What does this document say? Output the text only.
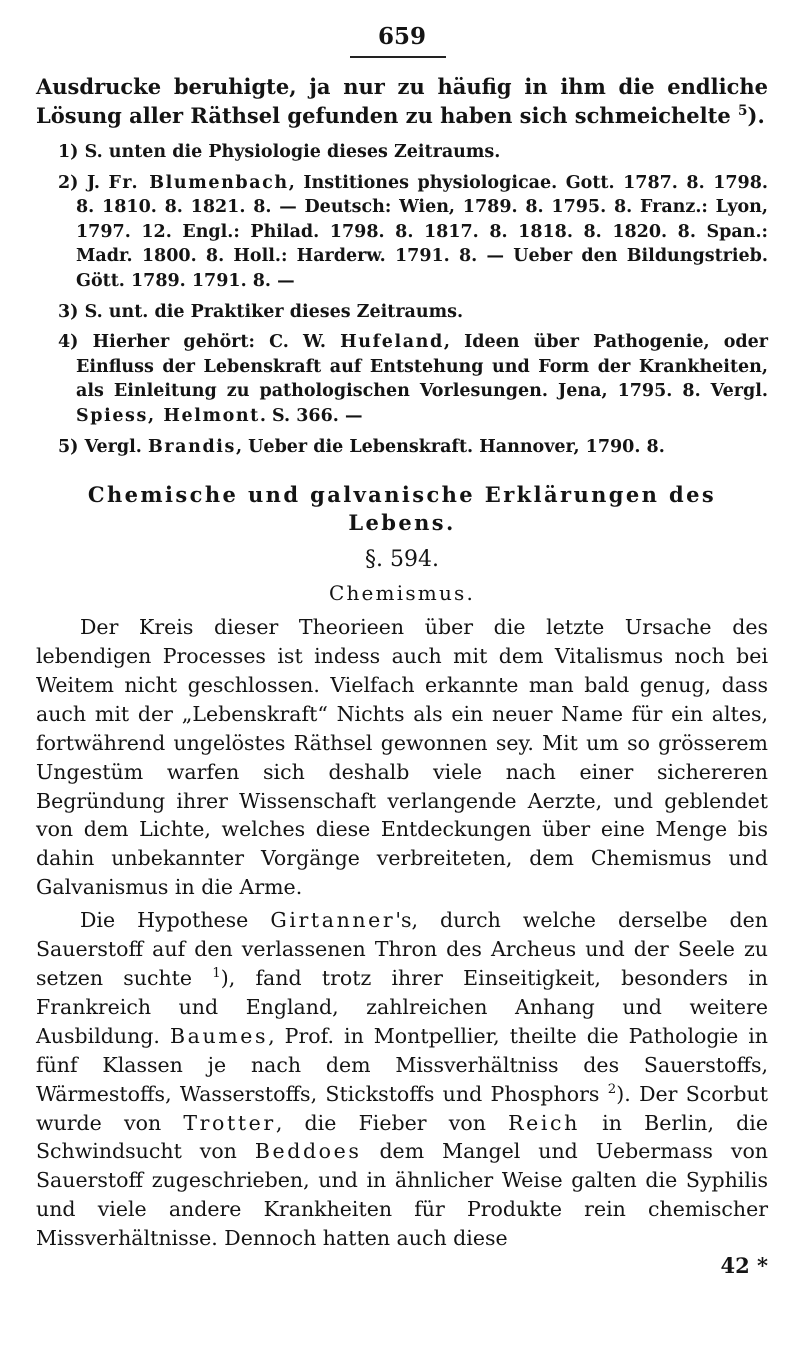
659

Ausdrucke beruhigte, ja nur zu häufig in ihm die endliche Lösung aller Räthsel gefunden zu haben sich schmeichelte $^5$).

1) S. unten die Physiologie dieses Zeitraums.

2) J. Fr. Blumenbach, Institiones physiologicae. Gott. 1787. 8. 1798. 8. 1810. 8. 1821. 8. — Deutsch: Wien, 1789. 8. 1795. 8. Franz.: Lyon, 1797. 12. Engl.: Philad. 1798. 8. 1817. 8. 1818. 8. 1820. 8. Span.: Madr. 1800. 8. Holl.: Harderw. 1791. 8. — Ueber den Bildungstrieb. Gött. 1789. 1791. 8. —

3) S. unt. die Praktiker dieses Zeitraums.

4) Hierher gehört: C. W. Hufeland, Ideen über Pathogenie, oder Einfluss der Lebenskraft auf Entstehung und Form der Krankheiten, als Einleitung zu pathologischen Vorlesungen. Jena, 1795. 8. Vergl. Spiess, Helmont. S. 366. —

5) Vergl. Brandis, Ueber die Lebenskraft. Hannover, 1790. 8.

Chemische und galvanische Erklärungen des Lebens.
§. 594.
Chemismus.

Der Kreis dieser Theorieen über die letzte Ursache des lebendigen Processes ist indess auch mit dem Vitalismus noch bei Weitem nicht geschlossen. Vielfach erkannte man bald genug, dass auch mit der „Lebenskraft“ Nichts als ein neuer Name für ein altes, fortwährend ungelöstes Räthsel gewonnen sey. Mit um so grösserem Ungestüm warfen sich deshalb viele nach einer sichereren Begründung ihrer Wissenschaft verlangende Aerzte, und geblendet von dem Lichte, welches diese Entdeckungen über eine Menge bis dahin unbekannter Vorgänge verbreiteten, dem Chemismus und Galvanismus in die Arme.

Die Hypothese Girtanner's, durch welche derselbe den Sauerstoff auf den verlassenen Thron des Archeus und der Seele zu setzen suchte $^1$), fand trotz ihrer Einseitigkeit, besonders in Frankreich und England, zahlreichen Anhang und weitere Ausbildung. Baumes, Prof. in Montpellier, theilte die Pathologie in fünf Klassen je nach dem Missverhältniss des Sauerstoffs, Wärmestoffs, Wasserstoffs, Stickstoffs und Phosphors $^2$). Der Scorbut wurde von Trotter, die Fieber von Reich in Berlin, die Schwindsucht von Beddoes dem Mangel und Uebermass von Sauerstoff zugeschrieben, und in ähnlicher Weise galten die Syphilis und viele andere Krankheiten für Produkte rein chemischer Missverhältnisse. Dennoch hatten auch diese

42 *
